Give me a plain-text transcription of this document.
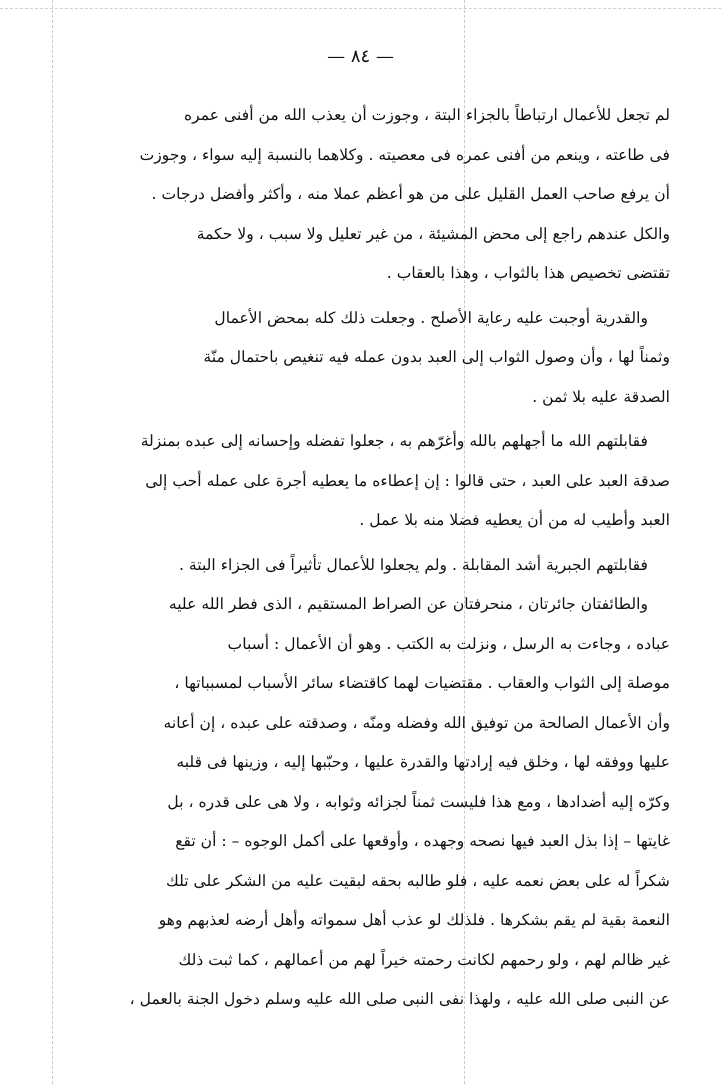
— ٨٤ —
لم تجعل للأعمال ارتباطاً بالجزاء البتة ، وجوزت أن يعذب الله من أفنى عمره
فى طاعته ، وينعم من أفنى عمره فى معصيته . وكلاهما بالنسبة إليه سواء ، وجوزت
أن يرفع صاحب العمل القليل على من هو أعظم عملا منه ، وأكثر وأفضل درجات .
والكل عندهم راجع إلى محض المشيئة ، من غير تعليل ولا سبب ، ولا حكمة
تقتضى تخصيص هذا بالثواب ، وهذا بالعقاب .
والقدرية أوجبت عليه رعاية الأصلح . وجعلت ذلك كله بمحض الأعمال
وثمناً لها ، وأن وصول الثواب إلى العبد بدون عمله فيه تنغيص باحتمال منّة
الصدقة عليه بلا ثمن .
فقابلتهم الله ما أجهلهم بالله وأغرّهم به ، جعلوا تفضله وإحسانه إلى عبده بمنزلة
صدقة العبد على العبد ، حتى قالوا : إن إعطاءه ما يعطيه أجرة على عمله أحب إلى
العبد وأطيب له من أن يعطيه فضلا منه بلا عمل .
فقابلتهم الجبرية أشد المقابلة . ولم يجعلوا للأعمال تأثيراً فى الجزاء البتة .
والطائفتان جائرتان ، منحرفتان عن الصراط المستقيم ، الذى فطر الله عليه
عباده ، وجاءت به الرسل ، ونزلت به الكتب . وهو أن الأعمال : أسباب
موصلة إلى الثواب والعقاب . مقتضيات لهما كاقتضاء سائر الأسباب لمسبباتها ،
وأن الأعمال الصالحة من توفيق الله وفضله ومنّه ، وصدقته على عبده ، إن أعانه
عليها ووفقه لها ، وخلق فيه إرادتها والقدرة عليها ، وحبّبها إليه ، وزينها فى قلبه
وكرّه إليه أضدادها ، ومع هذا فليست ثمناً لجزائه وثوابه ، ولا هى على قدره ، بل
غايتها – إذا بذل العبد فيها نصحه وجهده ، وأوقعها على أكمل الوجوه – : أن تقع
شكراً له على بعض نعمه عليه ، فلو طالبه بحقه لبقيت عليه من الشكر على تلك
النعمة بقية لم يقم بشكرها . فلذلك لو عذب أهل سمواته وأهل أرضه لعذبهم وهو
غير ظالم لهم ، ولو رحمهم لكانت رحمته خيراً لهم من أعمالهم ، كما ثبت ذلك
عن النبى صلى الله عليه ، ولهذا نفى النبى صلى الله عليه وسلم دخول الجنة بالعمل ،
